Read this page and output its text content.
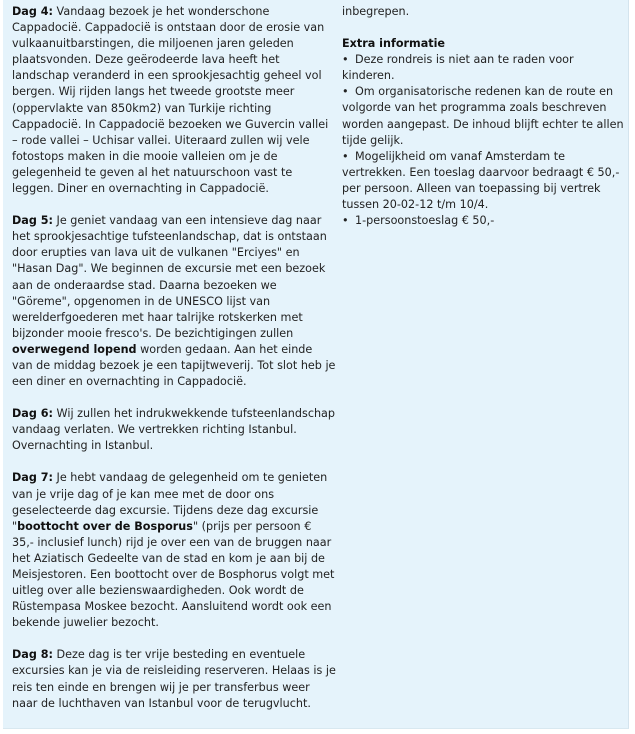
Dag 4: Vandaag bezoek je het wonderschone Cappadocië. Cappadocië is ontstaan door de erosie van vulkaanuitbarstingen, die miljoenen jaren geleden plaatsvonden. Deze geërodeerde lava heeft het landschap veranderd in een sprookjesachtig geheel vol bergen. Wij rijden langs het tweede grootste meer (oppervlakte van 850km2) van Turkije richting Cappadocië. In Cappadocië bezoeken we Guvercin vallei – rode vallei – Uchisar vallei. Uiteraard zullen wij vele fotostops maken in die mooie valleien om je de gelegenheid te geven al het natuurschoon vast te leggen. Diner en overnachting in Cappadocië.

Dag 5: Je geniet vandaag van een intensieve dag naar het sprookjesachtige tufsteenlandschap, dat is ontstaan door erupties van lava uit de vulkanen "Erciyes" en "Hasan Dag". We beginnen de excursie met een bezoek aan de onderaardse stad. Daarna bezoeken we "Göreme", opgenomen in de UNESCO lijst van werelderfgoederen met haar talrijke rotskerken met bijzonder mooie fresco's. De bezichtigingen zullen overwegend lopend worden gedaan. Aan het einde van de middag bezoek je een tapijtweverij. Tot slot heb je een diner en overnachting in Cappadocië.

Dag 6: Wij zullen het indrukwekkende tufsteenlandschap vandaag verlaten. We vertrekken richting Istanbul. Overnachting in Istanbul.

Dag 7: Je hebt vandaag de gelegenheid om te genieten van je vrije dag of je kan mee met de door ons geselecteerde dag excursie. Tijdens deze dag excursie "boottocht over de Bosporus" (prijs per persoon € 35,- inclusief lunch) rijd je over een van de bruggen naar het Aziatisch Gedeelte van de stad en kom je aan bij de Meisjestoren. Een boottocht over de Bosphorus volgt met uitleg over alle bezienswaardigheden. Ook wordt de Rüstempasa Moskee bezocht. Aansluitend wordt ook een bekende juwelier bezocht.

Dag 8: Deze dag is ter vrije besteding en eventuele excursies kan je via de reisleiding reserveren. Helaas is je reis ten einde en brengen wij je per transferbus weer naar de luchthaven van Istanbul voor de terugvlucht.

inbegrepen.
Extra informatie
• Deze rondreis is niet aan te raden voor kinderen.
• Om organisatorische redenen kan de route en volgorde van het programma zoals beschreven worden aangepast. De inhoud blijft echter te allen tijde gelijk.
• Mogelijkheid om vanaf Amsterdam te vertrekken. Een toeslag daarvoor bedraagt € 50,- per persoon. Alleen van toepassing bij vertrek tussen 20-02-12 t/m 10/4.
• 1-persoonstoeslag € 50,-
